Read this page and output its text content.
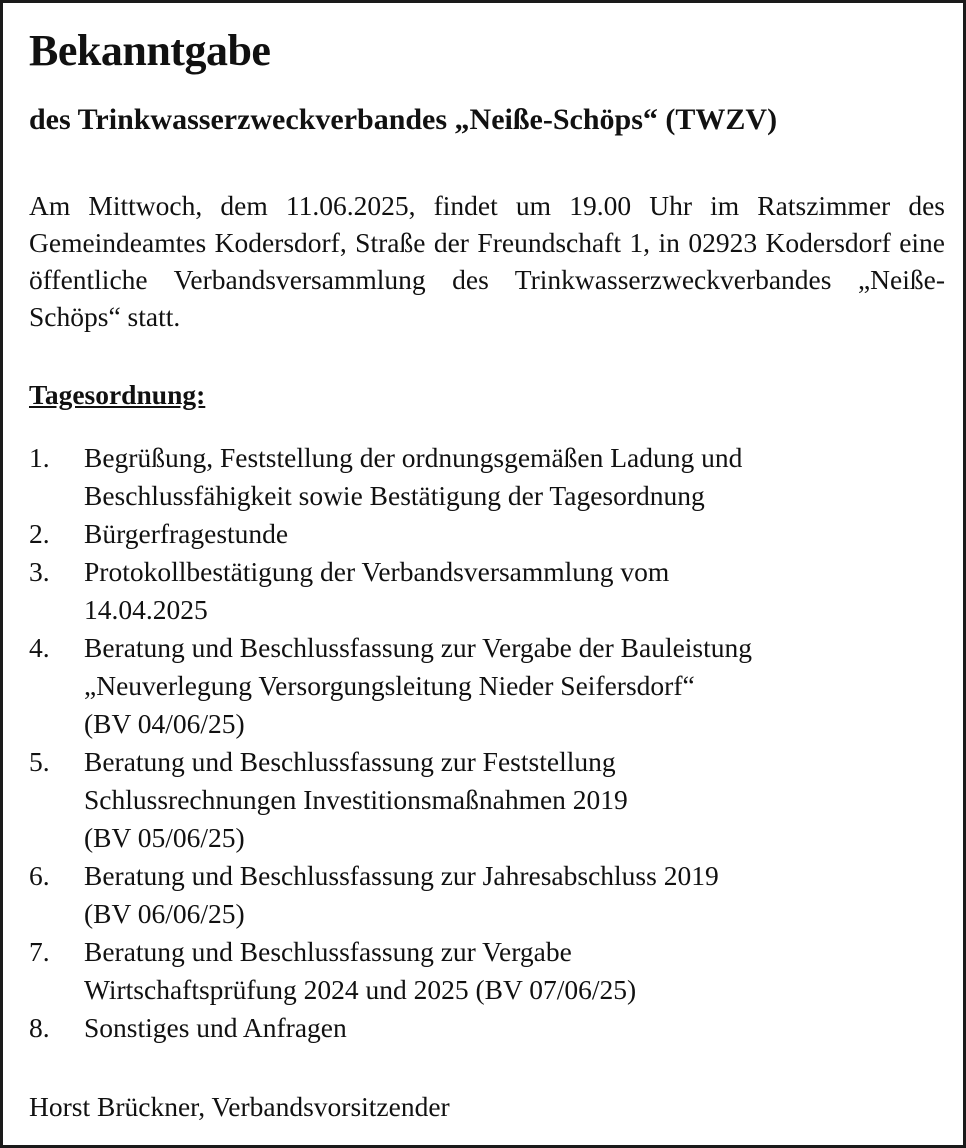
Bekanntgabe
des Trinkwasserzweckverbandes „Neiße-Schöps“ (TWZV)

Am Mittwoch, dem 11.06.2025, findet um 19.00 Uhr im Ratszimmer des Gemeindeamtes Kodersdorf, Straße der Freundschaft 1, in 02923 Kodersdorf eine öffentliche Verbandsversammlung des Trinkwasserzweckverbandes „Neiße-Schöps“ statt.

Tagesordnung:

1.	Begrüßung, Feststellung der ordnungsgemäßen Ladung und
Beschlussfähigkeit sowie Bestätigung der Tagesordnung
2.	Bürgerfragestunde
3.	Protokollbestätigung der Verbandsversammlung vom
14.04.2025
4.	Beratung und Beschlussfassung zur Vergabe der Bauleistung
„Neuverlegung Versorgungsleitung Nieder Seifersdorf“
(BV 04/06/25)
5.	Beratung und Beschlussfassung zur Feststellung
Schlussrechnungen Investitionsmaßnahmen 2019
(BV 05/06/25)
6.	Beratung und Beschlussfassung zur Jahresabschluss 2019
(BV 06/06/25)
7.	Beratung und Beschlussfassung zur Vergabe
Wirtschaftsprüfung 2024 und 2025 (BV 07/06/25)
8.	Sonstiges und Anfragen

Horst Brückner, Verbandsvorsitzender
